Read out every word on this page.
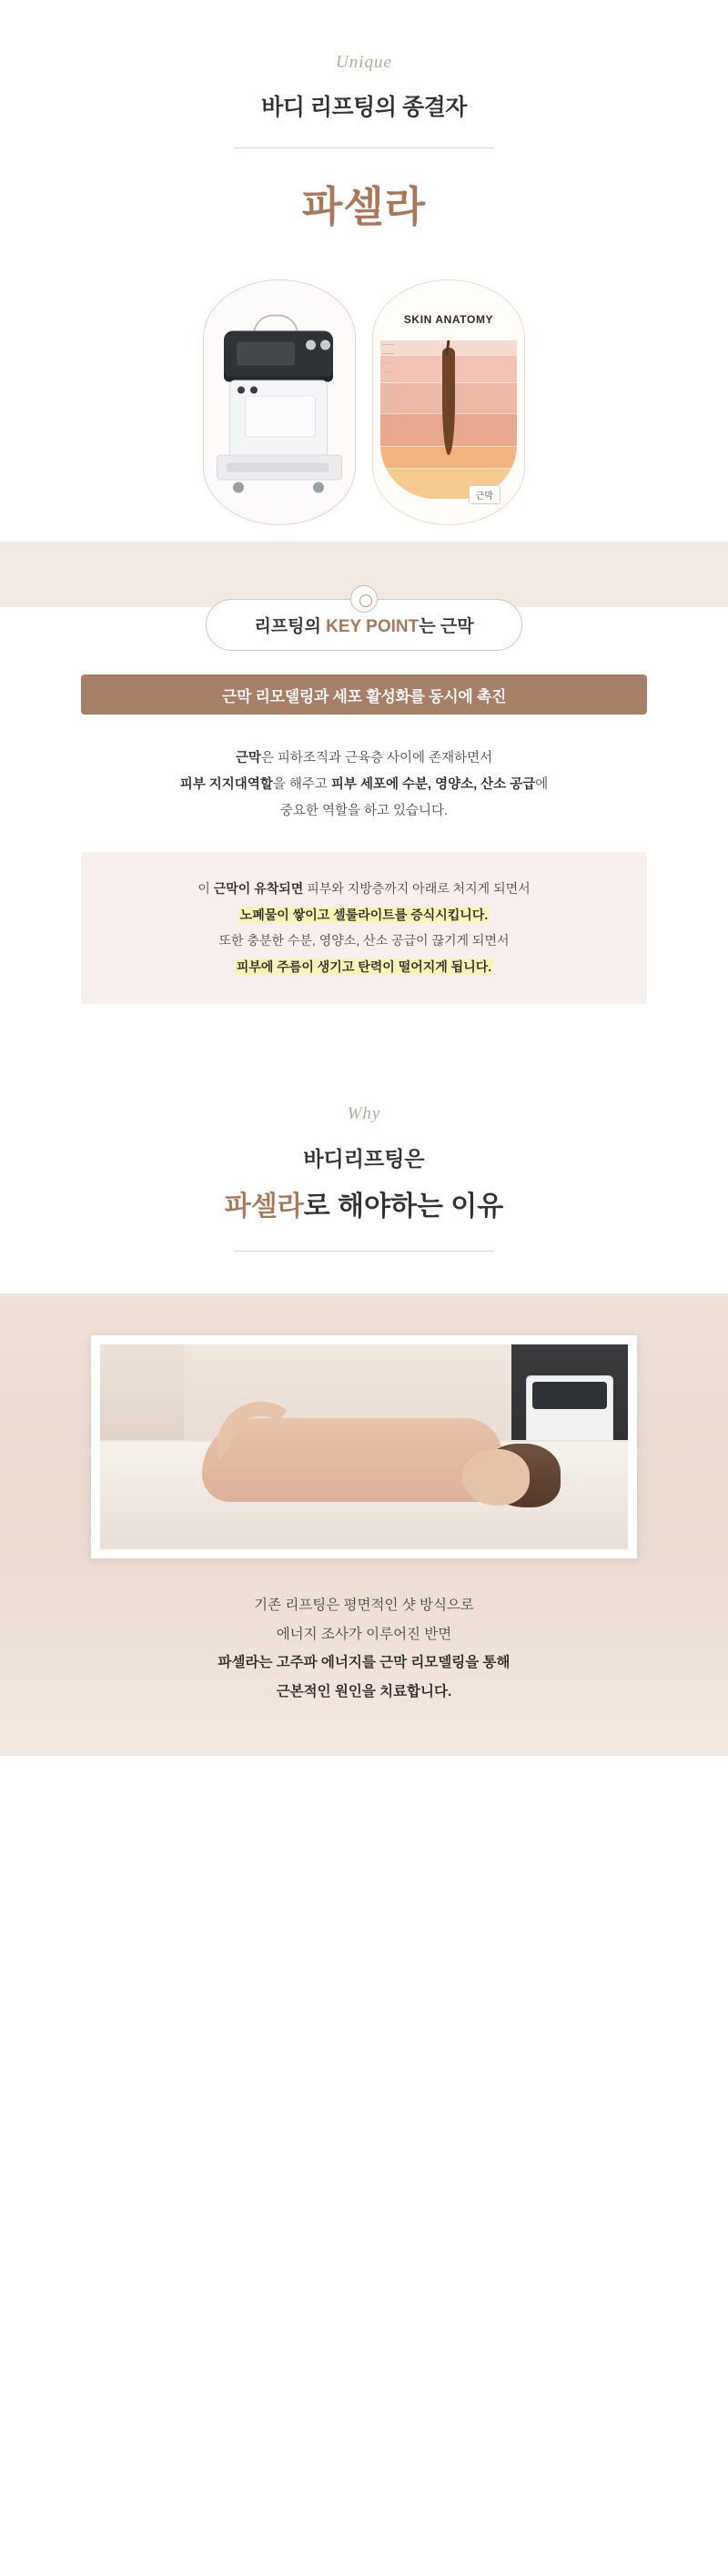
Unique
바디 리프팅의 종결자
파셀라
SKIN ANATOMY
근막
리프팅의 KEY POINT는 근막
근막 리모델링과 세포 활성화를 동시에 촉진
근막은 피하조직과 근육층 사이에 존재하면서
피부 지지대역할을 해주고 피부 세포에 수분, 영양소, 산소 공급에
중요한 역할을 하고 있습니다.
이 근막이 유착되면 피부와 지방층까지 아래로 처지게 되면서
노폐물이 쌓이고 셀룰라이트를 증식시킵니다.
또한 충분한 수분, 영양소, 산소 공급이 끊기게 되면서
피부에 주름이 생기고 탄력이 떨어지게 됩니다.
Why
바디리프팅은
파셀라로 해야하는 이유
기존 리프팅은 평면적인 샷 방식으로
에너지 조사가 이루어진 반면
파셀라는 고주파 에너지를 근막 리모델링을 통해
근본적인 원인을 치료합니다.
